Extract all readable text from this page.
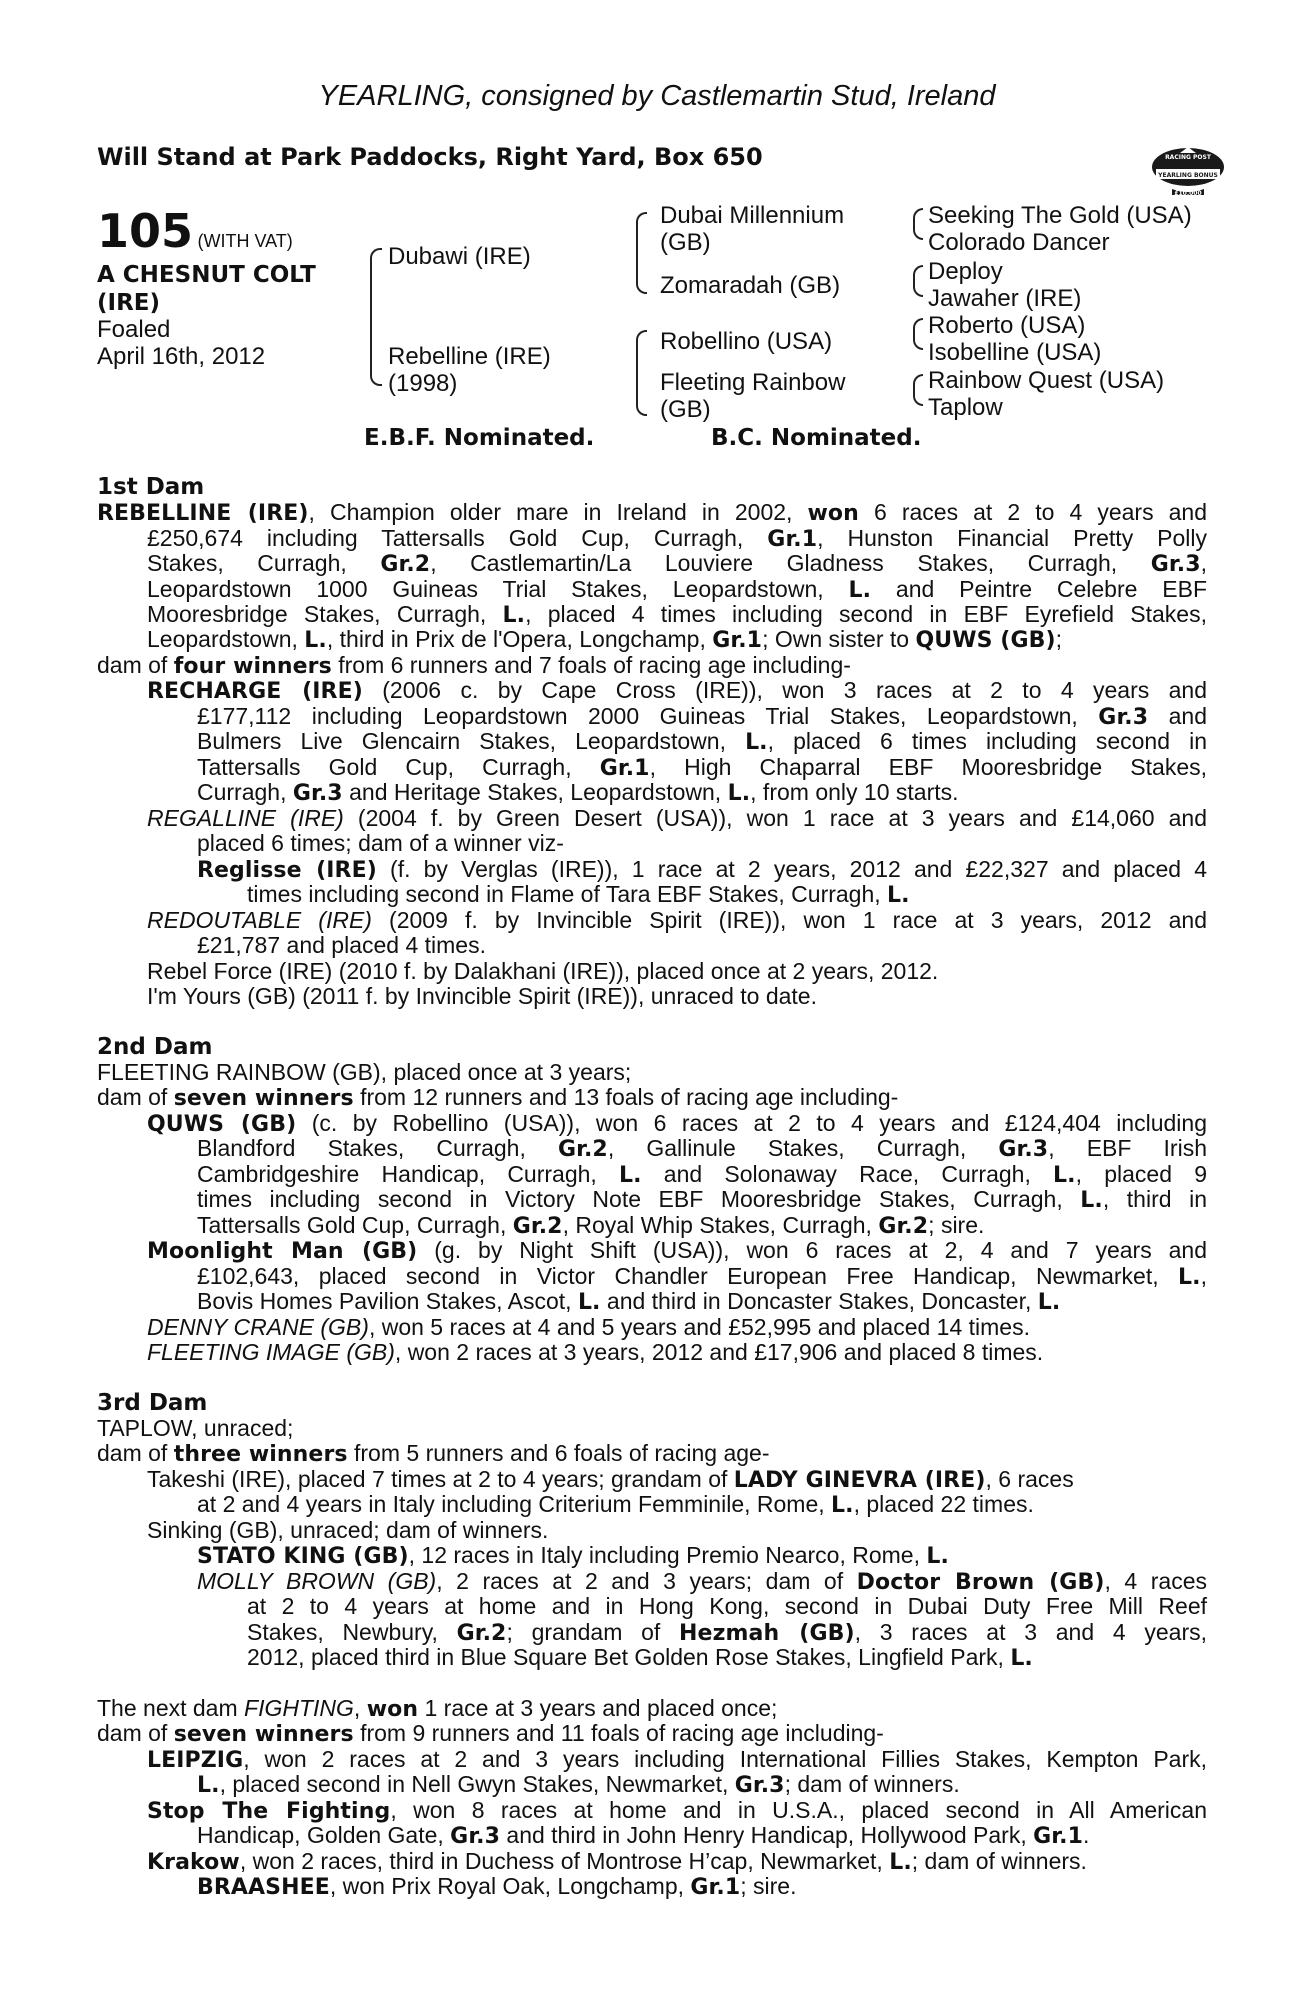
YEARLING, consigned by Castlemartin Stud, Ireland
Will Stand at Park Paddocks, Right Yard, Box 650	RACING POST
YEARLING BONUS
£10,000
105 (WITH VAT)
A CHESNUT COLT
(IRE)
Foaled
April 16th, 2012
Dubawi (IRE)
Rebelline (IRE)
(1998)
Dubai Millennium
(GB)
Zomaradah (GB)
Robellino (USA)
Fleeting Rainbow
(GB)
Seeking The Gold (USA)
Colorado Dancer
Deploy
Jawaher (IRE)
Roberto (USA)
Isobelline (USA)
Rainbow Quest (USA)
Taplow
E.B.F. Nominated.	B.C. Nominated.
1st Dam
REBELLINE (IRE), Champion older mare in Ireland in 2002, won 6 races at 2 to 4 years and
£250,674 including Tattersalls Gold Cup, Curragh, Gr.1, Hunston Financial Pretty Polly
Stakes, Curragh, Gr.2, Castlemartin/La Louviere Gladness Stakes, Curragh, Gr.3,
Leopardstown 1000 Guineas Trial Stakes, Leopardstown, L. and Peintre Celebre EBF
Mooresbridge Stakes, Curragh, L., placed 4 times including second in EBF Eyrefield Stakes,
Leopardstown, L., third in Prix de l'Opera, Longchamp, Gr.1; Own sister to QUWS (GB);
dam of four winners from 6 runners and 7 foals of racing age including-
RECHARGE (IRE) (2006 c. by Cape Cross (IRE)), won 3 races at 2 to 4 years and
£177,112 including Leopardstown 2000 Guineas Trial Stakes, Leopardstown, Gr.3 and
Bulmers Live Glencairn Stakes, Leopardstown, L., placed 6 times including second in
Tattersalls Gold Cup, Curragh, Gr.1, High Chaparral EBF Mooresbridge Stakes,
Curragh, Gr.3 and Heritage Stakes, Leopardstown, L., from only 10 starts.
REGALLINE (IRE) (2004 f. by Green Desert (USA)), won 1 race at 3 years and £14,060 and
placed 6 times; dam of a winner viz-
Reglisse (IRE) (f. by Verglas (IRE)), 1 race at 2 years, 2012 and £22,327 and placed 4
times including second in Flame of Tara EBF Stakes, Curragh, L.
REDOUTABLE (IRE) (2009 f. by Invincible Spirit (IRE)), won 1 race at 3 years, 2012 and
£21,787 and placed 4 times.
Rebel Force (IRE) (2010 f. by Dalakhani (IRE)), placed once at 2 years, 2012.
I'm Yours (GB) (2011 f. by Invincible Spirit (IRE)), unraced to date.
2nd Dam
FLEETING RAINBOW (GB), placed once at 3 years;
dam of seven winners from 12 runners and 13 foals of racing age including-
QUWS (GB) (c. by Robellino (USA)), won 6 races at 2 to 4 years and £124,404 including
Blandford Stakes, Curragh, Gr.2, Gallinule Stakes, Curragh, Gr.3, EBF Irish
Cambridgeshire Handicap, Curragh, L. and Solonaway Race, Curragh, L., placed 9
times including second in Victory Note EBF Mooresbridge Stakes, Curragh, L., third in
Tattersalls Gold Cup, Curragh, Gr.2, Royal Whip Stakes, Curragh, Gr.2; sire.
Moonlight Man (GB) (g. by Night Shift (USA)), won 6 races at 2, 4 and 7 years and
£102,643, placed second in Victor Chandler European Free Handicap, Newmarket, L.,
Bovis Homes Pavilion Stakes, Ascot, L. and third in Doncaster Stakes, Doncaster, L.
DENNY CRANE (GB), won 5 races at 4 and 5 years and £52,995 and placed 14 times.
FLEETING IMAGE (GB), won 2 races at 3 years, 2012 and £17,906 and placed 8 times.
3rd Dam
TAPLOW, unraced;
dam of three winners from 5 runners and 6 foals of racing age-
Takeshi (IRE), placed 7 times at 2 to 4 years; grandam of LADY GINEVRA (IRE), 6 races
at 2 and 4 years in Italy including Criterium Femminile, Rome, L., placed 22 times.
Sinking (GB), unraced; dam of winners.
STATO KING (GB), 12 races in Italy including Premio Nearco, Rome, L.
MOLLY BROWN (GB), 2 races at 2 and 3 years; dam of Doctor Brown (GB), 4 races
at 2 to 4 years at home and in Hong Kong, second in Dubai Duty Free Mill Reef
Stakes, Newbury, Gr.2; grandam of Hezmah (GB), 3 races at 3 and 4 years,
2012, placed third in Blue Square Bet Golden Rose Stakes, Lingfield Park, L.
The next dam FIGHTING, won 1 race at 3 years and placed once;
dam of seven winners from 9 runners and 11 foals of racing age including-
LEIPZIG, won 2 races at 2 and 3 years including International Fillies Stakes, Kempton Park,
L., placed second in Nell Gwyn Stakes, Newmarket, Gr.3; dam of winners.
Stop The Fighting, won 8 races at home and in U.S.A., placed second in All American
Handicap, Golden Gate, Gr.3 and third in John Henry Handicap, Hollywood Park, Gr.1.
Krakow, won 2 races, third in Duchess of Montrose H’cap, Newmarket, L.; dam of winners.
BRAASHEE, won Prix Royal Oak, Longchamp, Gr.1; sire.
